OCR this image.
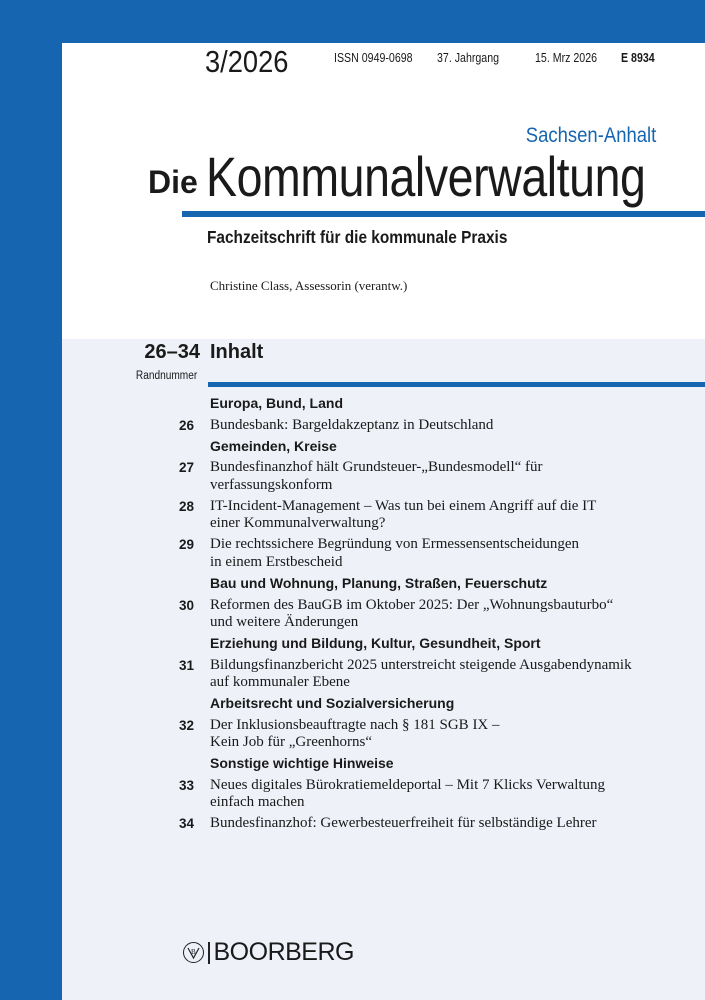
3/2026	ISSN 0949-0698 37. Jahrgang	15. Mrz 2026 E 8934
Sachsen-Anhalt
Die Kommunalverwaltung
Fachzeitschrift für die kommunale Praxis
Christine Class, Assessorin (verantw.)
26–34
Randnummer
Inhalt
Europa, Bund, Land
26	Bundesbank: Bargeldakzeptanz in Deutschland
Gemeinden, Kreise
27	Bundesfinanzhof hält Grundsteuer-„Bundesmodell“ für
verfassungskonform
28	IT-Incident-Management – Was tun bei einem Angriff auf die IT
einer Kommunalverwaltung?
29	Die rechtssichere Begründung von Ermessensentscheidungen
in einem Erstbescheid
Bau und Wohnung, Planung, Straßen, Feuerschutz
30	Reformen des BauGB im Oktober 2025: Der „Wohnungsbauturbo“
und weitere Änderungen
Erziehung und Bildung, Kultur, Gesundheit, Sport
31	Bildungsfinanzbericht 2025 unterstreicht steigende Ausgabendynamik
auf kommunaler Ebene
Arbeitsrecht und Sozialversicherung
32	Der Inklusionsbeauftragte nach § 181 SGB IX –
Kein Job für „Greenhorns“
Sonstige wichtige Hinweise
33	Neues digitales Bürokratiemeldeportal – Mit 7 Klicks Verwaltung
einfach machen
34	Bundesfinanzhof: Gewerbesteuerfreiheit für selbständige Lehrer
B BOORBERG
